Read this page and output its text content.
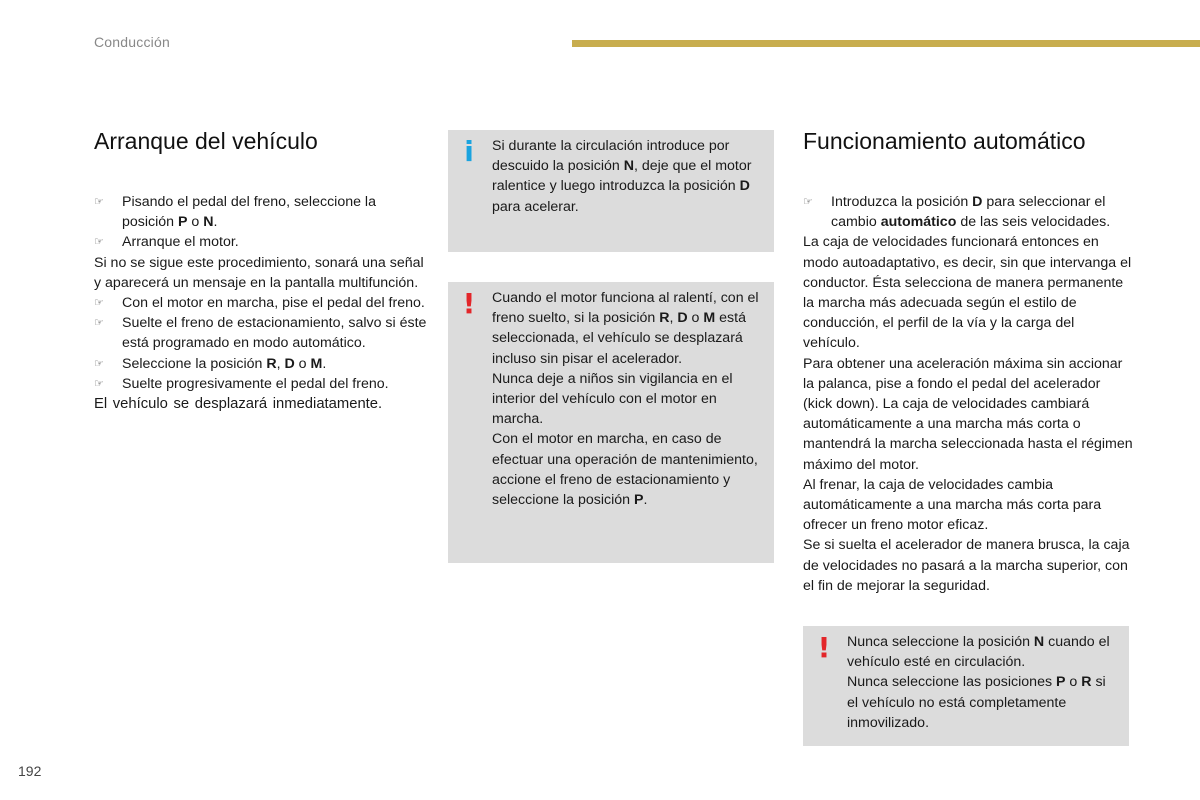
Conducción
192
Arranque del vehículo
☞	Pisando el pedal del freno, seleccione la posición P o N.
☞	Arranque el motor.

Si no se sigue este procedimiento, sonará una señal y aparecerá un mensaje en la pantalla multifunción.

☞	Con el motor en marcha, pise el pedal del freno.
☞	Suelte el freno de estacionamiento, salvo si éste está programado en modo automático.
☞	Seleccione la posición R, D o M.
☞	Suelte progresivamente el pedal del freno.

El vehículo se desplazará inmediatamente.

i Si durante la circulación introduce por descuido la posición N, deje que el motor ralentice y luego introduzca la posición D para acelerar.
! Cuando el motor funciona al ralentí, con el freno suelto, si la posición R, D o M está seleccionada, el vehículo se desplazará incluso sin pisar el acelerador.

Nunca deje a niños sin vigilancia en el interior del vehículo con el motor en marcha.

Con el motor en marcha, en caso de efectuar una operación de mantenimiento, accione el freno de estacionamiento y seleccione la posición P.

Funcionamiento automático
☞	Introduzca la posición D para seleccionar el cambio automático de las seis velocidades.

La caja de velocidades funcionará entonces en modo autoadaptativo, es decir, sin que intervanga el conductor. Ésta selecciona de manera permanente la marcha más adecuada según el estilo de conducción, el perfil de la vía y la carga del vehículo.

Para obtener una aceleración máxima sin accionar la palanca, pise a fondo el pedal del acelerador (kick down). La caja de velocidades cambiará automáticamente a una marcha más corta o mantendrá la marcha seleccionada hasta el régimen máximo del motor.

Al frenar, la caja de velocidades cambia automáticamente a una marcha más corta para ofrecer un freno motor eficaz.

Se si suelta el acelerador de manera brusca, la caja de velocidades no pasará a la marcha superior, con el fin de mejorar la seguridad.

! Nunca seleccione la posición N cuando el vehículo esté en circulación.

Nunca seleccione las posiciones P o R si el vehículo no está completamente inmovilizado.
